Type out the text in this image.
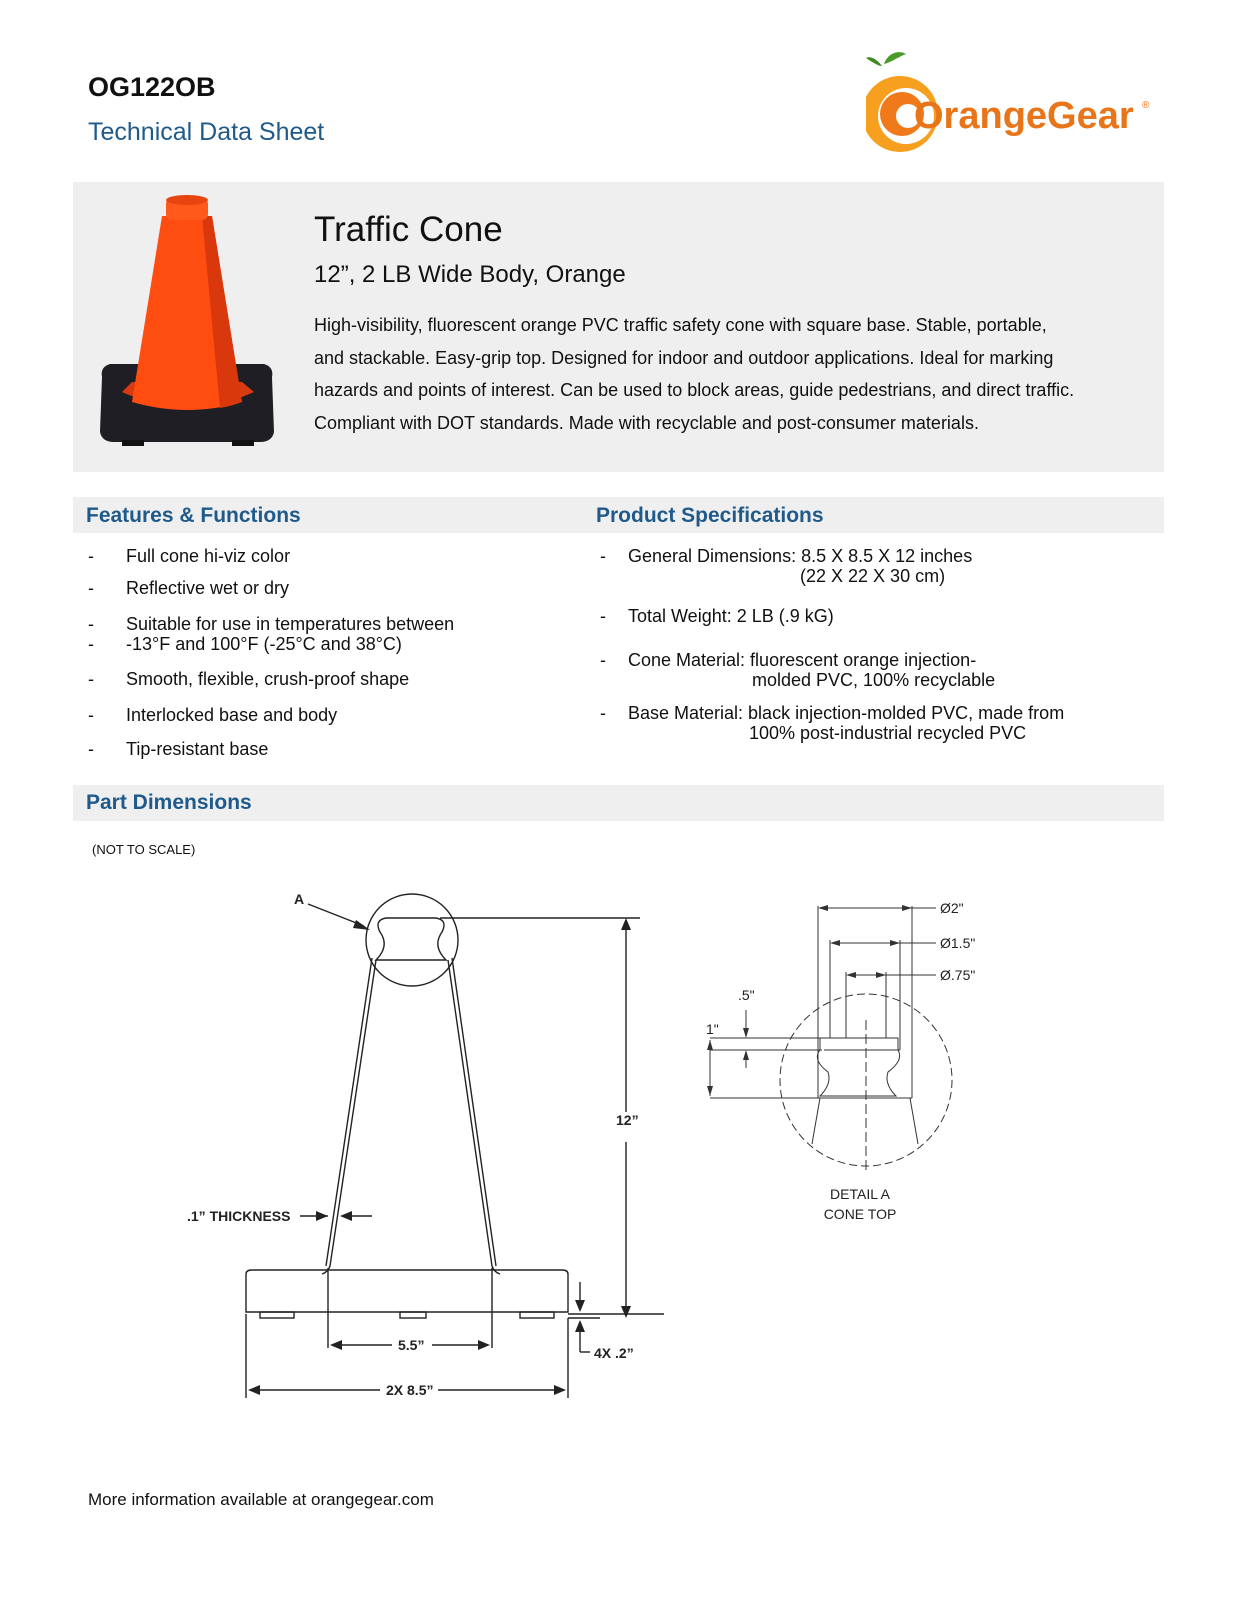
OG122OB
Technical Data Sheet	OrangeGear ®
Traffic Cone
12”, 2 LB Wide Body, Orange
High-visibility, fluorescent orange PVC traffic safety cone with square base. Stable, portable,
and stackable. Easy-grip top. Designed for indoor and outdoor applications. Ideal for marking
hazards and points of interest. Can be used to block areas, guide pedestrians, and direct traffic.
Compliant with DOT standards. Made with recyclable and post-consumer materials.
Features & Functions	Product Specifications
- Full cone hi-viz color
- Reflective wet or dry
- Suitable for use in temperatures between
- -13°F and 100°F (-25°C and 38°C)
- Smooth, flexible, crush-proof shape
- Interlocked base and body
- Tip-resistant base
- General Dimensions: 8.5 X 8.5 X 12 inches
(22 X 22 X 30 cm)
- Total Weight: 2 LB (.9 kG)
- Cone Material: fluorescent orange injection-
molded PVC, 100% recyclable
- Base Material: black injection-molded PVC, made from
100% post-industrial recycled PVC
Part Dimensions
(NOT TO SCALE)
A
12”
.1” THICKNESS
5.5”
2X 8.5”
4X .2”
Ø2"
Ø1.5"
Ø.75"
.5"
1"
DETAIL A
CONE TOP
More information available at orangegear.com
